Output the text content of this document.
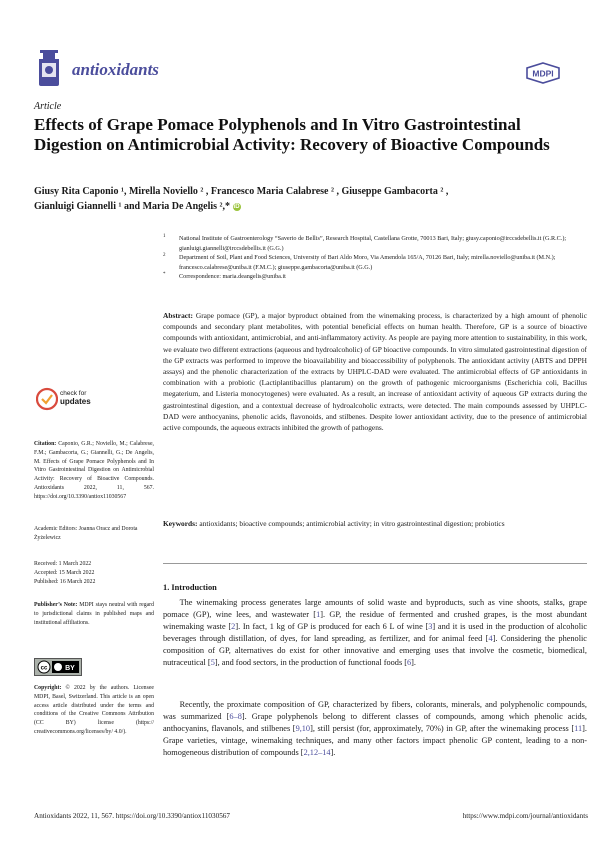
antioxidants	MDPI
Article
Effects of Grape Pomace Polyphenols and In Vitro Gastrointestinal Digestion on Antimicrobial Activity: Recovery of Bioactive Compounds
Giusy Rita Caponio ¹, Mirella Noviello ² , Francesco Maria Calabrese ² , Giuseppe Gambacorta ² ,
Gianluigi Giannelli ¹ and Maria De Angelis ²,* iD
1 National Institute of Gastroenterology “Saverio de Bellis”, Research Hospital, Castellana Grotte, 70013 Bari, Italy; giusy.caponio@irccsdebellis.it (G.R.C.); gianluigi.giannelli@irccsdebellis.it (G.G.)
2 Department of Soil, Plant and Food Sciences, University of Bari Aldo Moro, Via Amendola 165/A, 70126 Bari, Italy; mirella.noviello@uniba.it (M.N.); francesco.calabrese@uniba.it (F.M.C.); giuseppe.gambacorta@uniba.it (G.G.)
* Correspondence: maria.deangelis@uniba.it
Abstract: Grape pomace (GP), a major byproduct obtained from the winemaking process, is characterized by a high amount of phenolic compounds and secondary plant metabolites, with potential beneficial effects on human health. Therefore, GP is a source of bioactive compounds with antioxidant, antimicrobial, and anti-inflammatory activity. As people are paying more attention to sustainability, in this work, we evaluate two different extractions (aqueous and hydroalcoholic) of GP bioactive compounds. In vitro simulated gastrointestinal digestion of the GP extracts was performed to improve the bioavailability and bioaccessibility of polyphenols. The antioxidant activity (ABTS and DPPH assays) and the phenolic characterization of the extracts by UHPLC-DAD were evaluated. The antimicrobial effects of GP antioxidants in combination with a probiotic (Lactiplantibacillus plantarum) on the growth of pathogenic microorganisms (Escherichia coli, Bacillus megaterium, and Listeria monocytogenes) were evaluated. As a result, an increase of antioxidant activity of aqueous GP extracts during the gastrointestinal digestion, and a contextual decrease of hydroalcoholic extracts, were detected. The main compounds assessed by UHPLC-DAD were anthocyanins, phenolic acids, flavonoids, and stilbenes. Despite lower antioxidant activity, due to the presence of antimicrobial active compounds, the aqueous extracts inhibited the growth of pathogens.
Keywords: antioxidants; bioactive compounds; antimicrobial activity; in vitro gastrointestinal digestion; probiotics
1. Introduction
  The winemaking process generates large amounts of solid waste and byproducts, such as vine shoots, stalks, grape pomace (GP), wine lees, and wastewater [1]. GP, the residue of fermented and crushed grapes, is the most abundant winemaking waste [2]. In fact, 1 kg of GP is produced for each 6 L of wine [3] and it is used in the production of alcoholic beverages through distillation, of dyes, for land spreading, as fertilizer, and for animal feed [4]. Considering the phenolic composition of GP, alternatives do exist for other innovative and emerging uses that involve the cosmetic, biomedical, nutraceutical [5], and food sectors, in the production of functional foods [6].
  Recently, the proximate composition of GP, characterized by fibers, colorants, minerals, and polyphenolic compounds, was summarized [6–8]. Grape polyphenols belong to different classes of compounds, among which phenolic acids, anthocyanins, flavanols, and stilbenes [9,10], still persist (for, approximately, 70%) in GP, after the winemaking process [11]. Grape varieties, vintage, winemaking techniques, and many other factors impact phenolic GP content, leading to a non-homogeneous distribution of compounds [2,12–14].
check for
updates
Citation: Caponio, G.R.; Noviello, M.; Calabrese, F.M.; Gambacorta, G.; Giannelli, G.; De Angelis, M. Effects of Grape Pomace Polyphenols and In Vitro Gastrointestinal Digestion on Antimicrobial Activity: Recovery of Bioactive Compounds. Antioxidants 2022, 11, 567. https://doi.org/10.3390/antiox11030567
Academic Editors: Joanna Oracz and Dorota Żyżelewicz
Received: 1 March 2022
Accepted: 15 March 2022
Published: 16 March 2022
Publisher’s Note: MDPI stays neutral with regard to jurisdictional claims in published maps and institutional affiliations.
cc	BY
Copyright: © 2022 by the authors. Licensee MDPI, Basel, Switzerland. This article is an open access article distributed under the terms and conditions of the Creative Commons Attribution (CC BY) license (https:// creativecommons.org/licenses/by/ 4.0/).
Antioxidants 2022, 11, 567. https://doi.org/10.3390/antiox11030567	https://www.mdpi.com/journal/antioxidants
